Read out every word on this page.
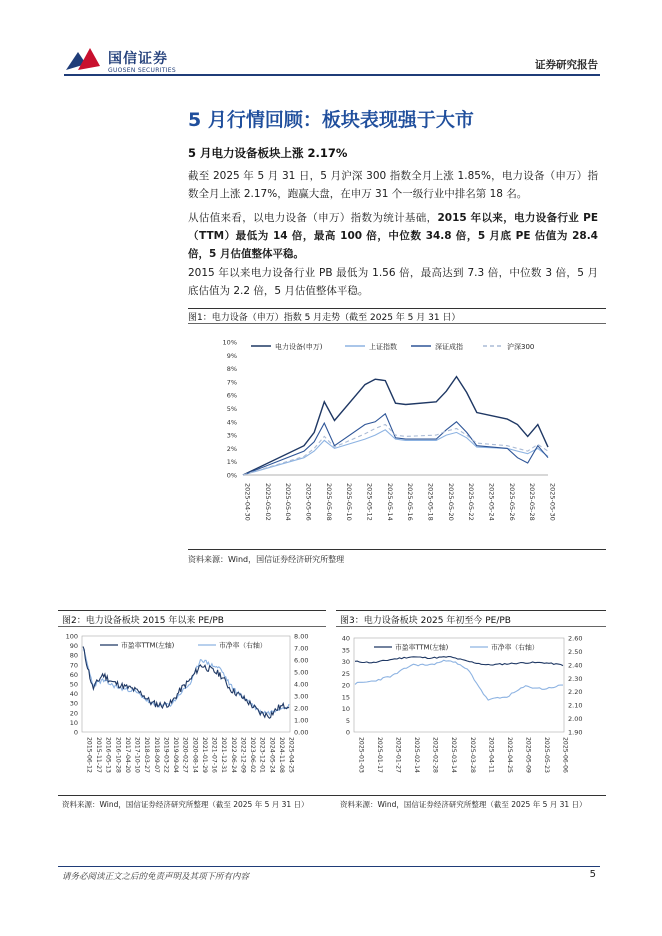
国信证券
GUOSEN SECURITIES	证券研究报告
5 月行情回顾：板块表现强于大市
5 月电力设备板块上涨 2.17%
截至 2025 年 5 月 31 日，5 月沪深 300 指数全月上涨 1.85%，电力设备（申万）指数全月上涨 2.17%，跑赢大盘，在申万 31 个一级行业中排名第 18 名。
从估值来看，以电力设备（申万）指数为统计基础，2015 年以来，电力设备行业 PE（TTM）最低为 14 倍，最高 100 倍，中位数 34.8 倍，5 月底 PE 估值为 28.4 倍，5 月估值整体平稳。
2015 年以来电力设备行业 PB 最低为 1.56 倍，最高达到 7.3 倍，中位数 3 倍，5 月底估值为 2.2 倍，5 月估值整体平稳。
图1：电力设备（申万）指数 5 月走势（截至 2025 年 5 月 31 日）
0%
1%
2%
3%
4%
5%
6%
7%
8%
9%
10%
2025-04-30 2025-05-02 2025-05-04 2025-05-06 2025-05-08 2025-05-10 2025-05-12 2025-05-14 2025-05-16 2025-05-18 2025-05-20 2025-05-22 2025-05-24 2025-05-26 2025-05-28 2025-05-30
电力设备(申万)	上证指数	深证成指	沪深300
资料来源：Wind，国信证券经济研究所整理
图2：电力设备板块 2015 年以来 PE/PB
0
10
20
30
40
50
60
70
80
90
100
0.00
1.00
2.00
3.00
4.00
5.00
6.00
7.00
8.00
2015-06-12 2015-11-27 2016-05-13 2016-10-28 2017-04-20 2017-10-10 2018-03-27 2018-09-07 2019-03-22 2019-09-04 2020-02-27 2020-08-14 2021-01-29 2021-07-16 2021-12-31 2022-06-24 2022-12-09 2023-06-02 2023-12-01 2024-05-24 2024-11-08 2025-04-25
市盈率TTM(左轴)	市净率（右轴）
图3：电力设备板块 2025 年初至今 PE/PB
0
5
10
15
20
25
30
35
40
1.90
2.00
2.10
2.20
2.30
2.40
2.50
2.60
2025-01-03 2025-01-17 2025-01-27 2025-02-14 2025-02-28 2025-03-14 2025-03-28 2025-04-11 2025-04-25 2025-05-09 2025-05-23 2025-06-06
市盈率TTM(左轴)	市净率（右轴）
资料来源：Wind，国信证券经济研究所整理（截至 2025 年 5 月 31 日）	资料来源：Wind，国信证券经济研究所整理（截至 2025 年 5 月 31 日）
请务必阅读正文之后的免责声明及其项下所有内容	5
